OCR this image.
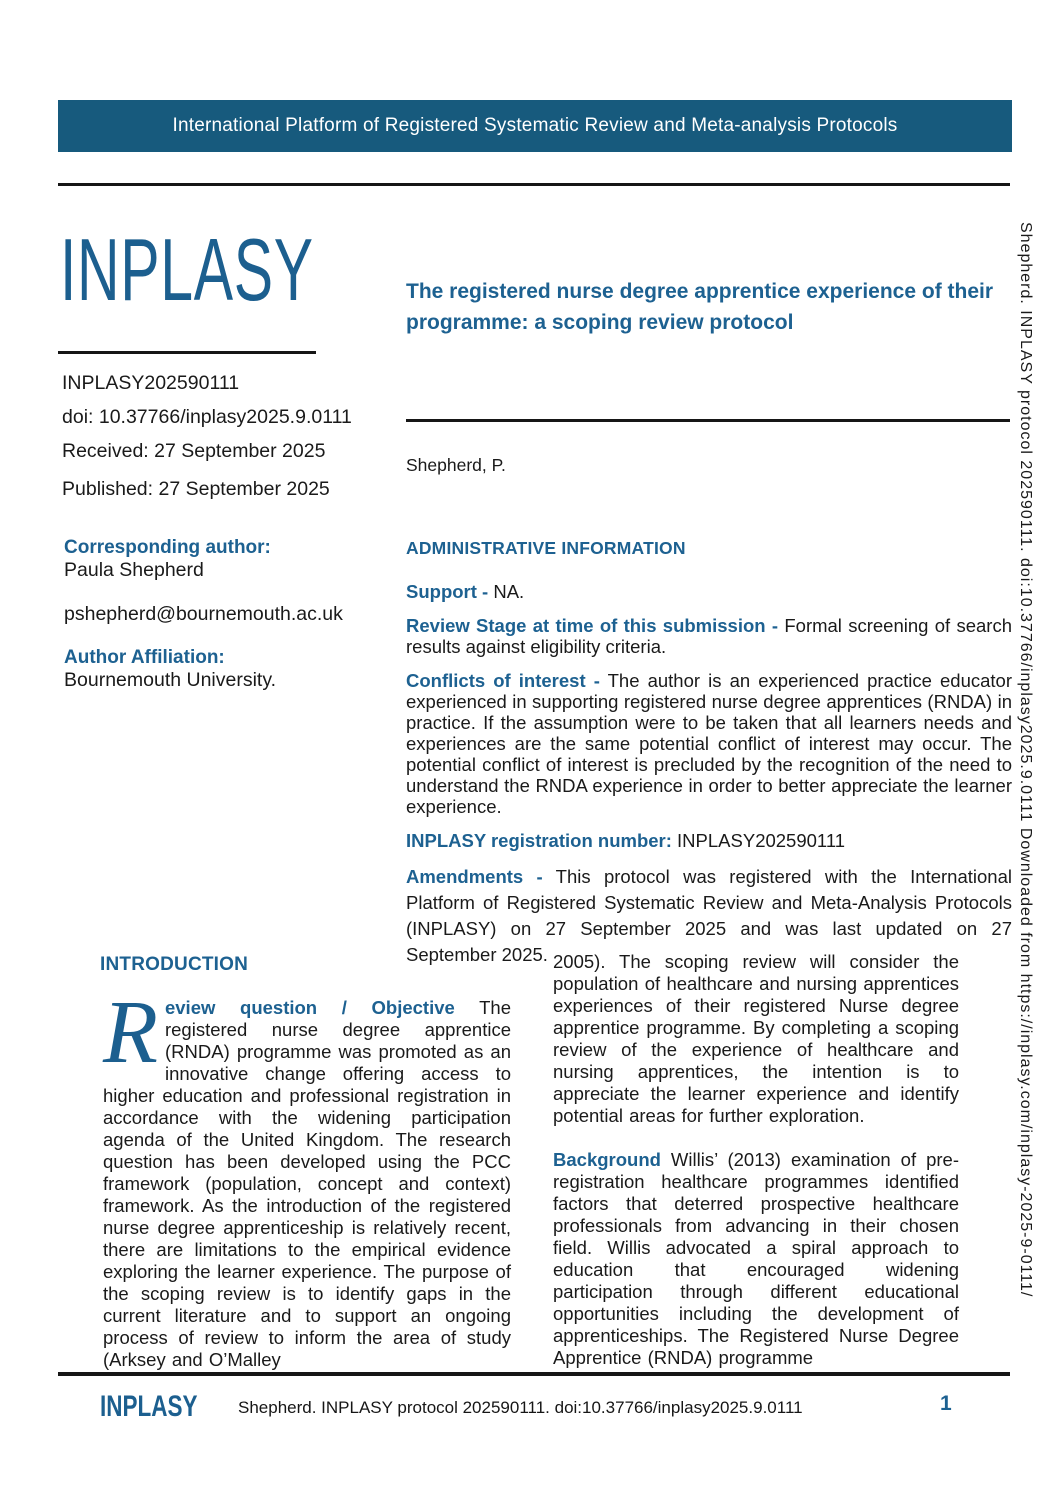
International Platform of Registered Systematic Review and Meta-analysis Protocols
INPLASY

INPLASY202590111

doi: 10.37766/inplasy2025.9.0111

Received: 27 September 2025

Published: 27 September 2025

Corresponding author:
Paula Shepherd
pshepherd@bournemouth.ac.uk
Author Affiliation:
Bournemouth University.
The registered nurse degree apprentice experience of their programme: a scoping review protocol
Shepherd, P.
ADMINISTRATIVE INFORMATION

Support - NA.

Review Stage at time of this submission - Formal screening of search results against eligibility criteria.

Conflicts of interest - The author is an experienced practice educator experienced in supporting registered nurse degree apprentices (RNDA) in practice. If the assumption were to be taken that all learners needs and experiences are the same potential conflict of interest may occur. The potential conflict of interest is precluded by the recognition of the need to understand the RNDA experience in order to better appreciate the learner experience.

INPLASY registration number: INPLASY202590111

Amendments - This protocol was registered with the International Platform of Registered Systematic Review and Meta-Analysis Protocols (INPLASY) on 27 September 2025 and was last updated on 27 September 2025.

INTRODUCTION

R eview question / Objective The registered nurse degree apprentice (RNDA) programme was promoted as an innovative change offering access to higher education and professional registration in accordance with the widening participation agenda of the United Kingdom. The research question has been developed using the PCC framework (population, concept and context) framework. As the introduction of the registered nurse degree apprenticeship is relatively recent, there are limitations to the empirical evidence exploring the learner experience. The purpose of the scoping review is to identify gaps in the current literature and to support an ongoing process of review to inform the area of study (Arksey and O’Malley

2005). The scoping review will consider the population of healthcare and nursing apprentices experiences of their registered Nurse degree apprentice programme. By completing a scoping review of the experience of healthcare and nursing apprentices, the intention is to appreciate the learner experience and identify potential areas for further exploration.

Background Willis’ (2013) examination of pre-registration healthcare programmes identified factors that deterred prospective healthcare professionals from advancing in their chosen field. Willis advocated a spiral approach to education that encouraged widening participation through different educational opportunities including the development of apprenticeships. The Registered Nurse Degree Apprentice (RNDA) programme

INPLASY Shepherd. INPLASY protocol 202590111. doi:10.37766/inplasy2025.9.0111	1
Shepherd. INPLASY protocol 202590111. doi:10.37766/inplasy2025.9.0111 Downloaded from https://inplasy.com/inplasy-2025-9-0111/
